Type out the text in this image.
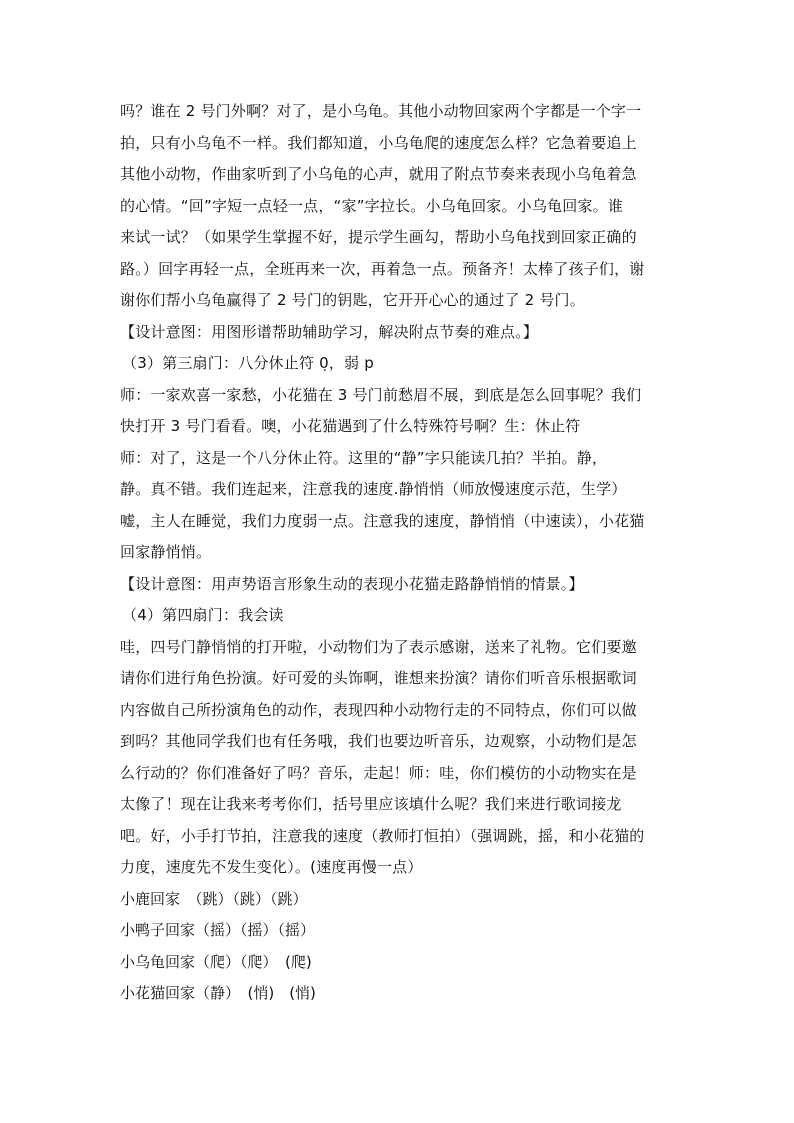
吗？谁在 2 号门外啊？对了，是小乌龟。其他小动物回家两个字都是一个字一
拍，只有小乌龟不一样。我们都知道，小乌龟爬的速度怎么样？它急着要追上
其他小动物，作曲家听到了小乌龟的心声，就用了附点节奏来表现小乌龟着急
的心情。“回”字短一点轻一点，“家”字拉长。小乌龟回家。小乌龟回家。谁
来试一试？（如果学生掌握不好，提示学生画勾，帮助小乌龟找到回家正确的
路。）回字再轻一点，全班再来一次，再着急一点。预备齐！太棒了孩子们，谢
谢你们帮小乌龟赢得了 2 号门的钥匙，它开开心心的通过了 2 号门。
【设计意图：用图形谱帮助辅助学习，解决附点节奏的难点。】
（3）第三扇门：八分休止符 0̣，弱 p
师：一家欢喜一家愁，小花猫在 3 号门前愁眉不展，到底是怎么回事呢？我们
快打开 3 号门看看。噢，小花猫遇到了什么特殊符号啊？生：休止符
师：对了，这是一个八分休止符。这里的“静”字只能读几拍？半拍。静，
静。真不错。我们连起来，注意我的速度.静悄悄（师放慢速度示范，生学）
嘘，主人在睡觉，我们力度弱一点。注意我的速度，静悄悄（中速读），小花猫
回家静悄悄。
【设计意图：用声势语言形象生动的表现小花猫走路静悄悄的情景。】
（4）第四扇门：我会读
哇，四号门静悄悄的打开啦，小动物们为了表示感谢，送来了礼物。它们要邀
请你们进行角色扮演。好可爱的头饰啊，谁想来扮演？请你们听音乐根据歌词
内容做自己所扮演角色的动作，表现四种小动物行走的不同特点，你们可以做
到吗？其他同学我们也有任务哦，我们也要边听音乐，边观察，小动物们是怎
么行动的？你们准备好了吗？音乐，走起！师：哇，你们模仿的小动物实在是
太像了！现在让我来考考你们，括号里应该填什么呢？我们来进行歌词接龙
吧。好，小手打节拍，注意我的速度（教师打恒拍）（强调跳，摇，和小花猫的
力度，速度先不发生变化）。(速度再慢一点）
小鹿回家　（跳）（跳）（跳）
小鸭子回家（摇）（摇）（摇）
小乌龟回家（爬）（爬）　(爬)
小花猫回家（静）　(悄)　(悄)
